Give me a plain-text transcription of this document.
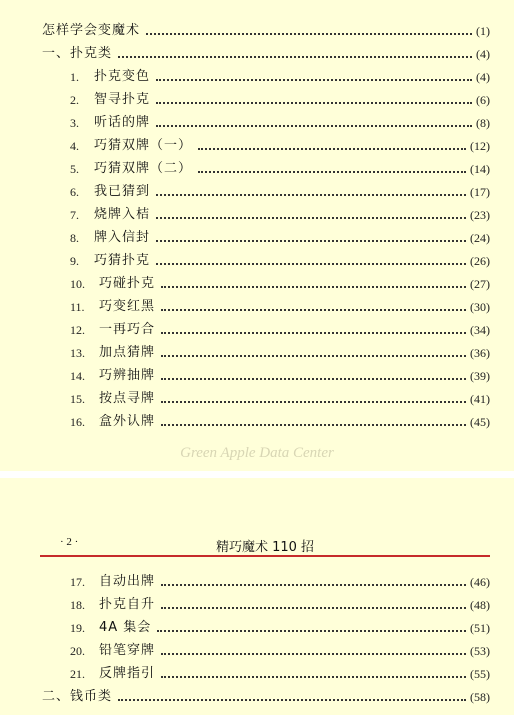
怎样学会变魔术	(1)
一、扑克类	(4)
1.	扑克变色	(4)
2.	智寻扑克	(6)
3.	听话的牌	(8)
4.	巧猜双牌（一）	(12)
5.	巧猜双牌（二）	(14)
6.	我已猜到	(17)
7.	烧牌入桔	(23)
8.	牌入信封	(24)
9.	巧猜扑克	(26)
10.	巧碰扑克	(27)
11.	巧变红黑	(30)
12.	一再巧合	(34)
13.	加点猜牌	(36)
14.	巧辨抽牌	(39)
15.	按点寻牌	(41)
16.	盒外认牌	(45)
Green Apple Data Center
· 2 ·	精巧魔术 110 招
17.	自动出牌	(46)
18.	扑克自升	(48)
19.	4A 集会	(51)
20.	铅笔穿牌	(53)
21.	反牌指引	(55)
二、钱币类	(58)
